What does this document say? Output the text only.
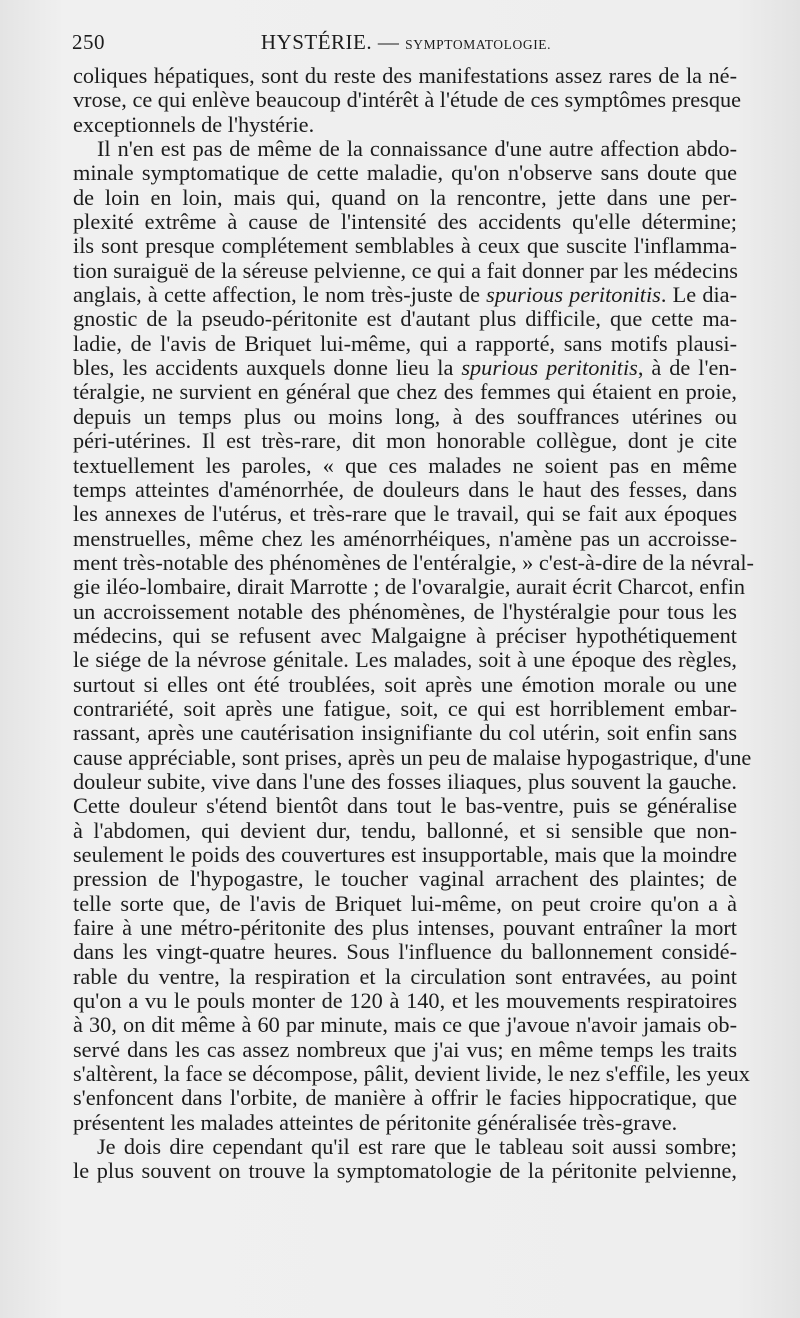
250	HYSTÉRIE. — SYMPTOMATOLOGIE.
coliques hépatiques, sont du reste des manifestations assez rares de la né-
vrose, ce qui enlève beaucoup d'intérêt à l'étude de ces symptômes presque
exceptionnels de l'hystérie.
Il n'en est pas de même de la connaissance d'une autre affection abdo-
minale symptomatique de cette maladie, qu'on n'observe sans doute que
de loin en loin, mais qui, quand on la rencontre, jette dans une per-
plexité extrême à cause de l'intensité des accidents qu'elle détermine;
ils sont presque complétement semblables à ceux que suscite l'inflamma-
tion suraiguë de la séreuse pelvienne, ce qui a fait donner par les médecins
anglais, à cette affection, le nom très-juste de spurious peritonitis. Le dia-
gnostic de la pseudo-péritonite est d'autant plus difficile, que cette ma-
ladie, de l'avis de Briquet lui-même, qui a rapporté, sans motifs plausi-
bles, les accidents auxquels donne lieu la spurious peritonitis, à de l'en-
téralgie, ne survient en général que chez des femmes qui étaient en proie,
depuis un temps plus ou moins long, à des souffrances utérines ou
péri-utérines. Il est très-rare, dit mon honorable collègue, dont je cite
textuellement les paroles, « que ces malades ne soient pas en même
temps atteintes d'aménorrhée, de douleurs dans le haut des fesses, dans
les annexes de l'utérus, et très-rare que le travail, qui se fait aux époques
menstruelles, même chez les aménorrhéiques, n'amène pas un accroisse-
ment très-notable des phénomènes de l'entéralgie, » c'est-à-dire de la névral-
gie iléo-lombaire, dirait Marrotte ; de l'ovaralgie, aurait écrit Charcot, enfin
un accroissement notable des phénomènes, de l'hystéralgie pour tous les
médecins, qui se refusent avec Malgaigne à préciser hypothétiquement
le siége de la névrose génitale. Les malades, soit à une époque des règles,
surtout si elles ont été troublées, soit après une émotion morale ou une
contrariété, soit après une fatigue, soit, ce qui est horriblement embar-
rassant, après une cautérisation insignifiante du col utérin, soit enfin sans
cause appréciable, sont prises, après un peu de malaise hypogastrique, d'une
douleur subite, vive dans l'une des fosses iliaques, plus souvent la gauche.
Cette douleur s'étend bientôt dans tout le bas-ventre, puis se généralise
à l'abdomen, qui devient dur, tendu, ballonné, et si sensible que non-
seulement le poids des couvertures est insupportable, mais que la moindre
pression de l'hypogastre, le toucher vaginal arrachent des plaintes; de
telle sorte que, de l'avis de Briquet lui-même, on peut croire qu'on a à
faire à une métro-péritonite des plus intenses, pouvant entraîner la mort
dans les vingt-quatre heures. Sous l'influence du ballonnement considé-
rable du ventre, la respiration et la circulation sont entravées, au point
qu'on a vu le pouls monter de 120 à 140, et les mouvements respiratoires
à 30, on dit même à 60 par minute, mais ce que j'avoue n'avoir jamais ob-
servé dans les cas assez nombreux que j'ai vus; en même temps les traits
s'altèrent, la face se décompose, pâlit, devient livide, le nez s'effile, les yeux
s'enfoncent dans l'orbite, de manière à offrir le facies hippocratique, que
présentent les malades atteintes de péritonite généralisée très-grave.
Je dois dire cependant qu'il est rare que le tableau soit aussi sombre;
le plus souvent on trouve la symptomatologie de la péritonite pelvienne,
